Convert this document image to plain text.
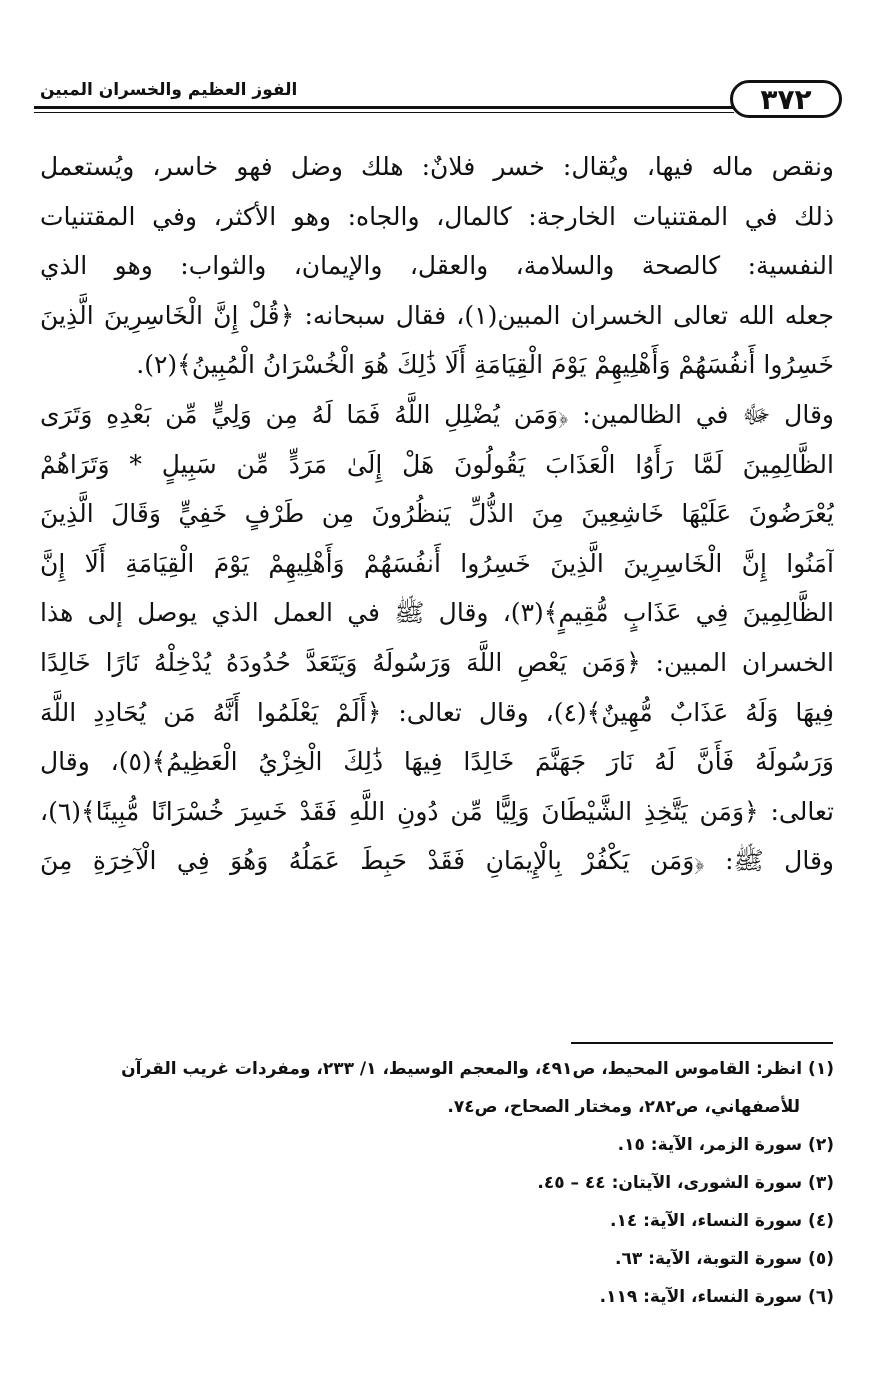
٣٧٢
الفوز العظيم والخسران المبين
ونقص ماله فيها، ويُقال: خسر فلانٌ: هلك وضل فهو خاسر، ويُستعمل
ذلك في المقتنيات الخارجة: كالمال، والجاه: وهو الأكثر، وفي المقتنيات
النفسية: كالصحة والسلامة، والعقل، والإيمان، والثواب: وهو الذي
جعله الله تعالى الخسران المبين(١)، فقال سبحانه: ﴿قُلْ إِنَّ الْخَاسِرِينَ الَّذِينَ
خَسِرُوا أَنفُسَهُمْ وَأَهْلِيهِمْ يَوْمَ الْقِيَامَةِ أَلَا ذَٰلِكَ هُوَ الْخُسْرَانُ الْمُبِينُ﴾(٢).
وقال ﷻ في الظالمين: ﴿وَمَن يُضْلِلِ اللَّهُ فَمَا لَهُ مِن وَلِيٍّ مِّن بَعْدِهِ وَتَرَى
الظَّالِمِينَ لَمَّا رَأَوُا الْعَذَابَ يَقُولُونَ هَلْ إِلَىٰ مَرَدٍّ مِّن سَبِيلٍ * وَتَرَاهُمْ
يُعْرَضُونَ عَلَيْهَا خَاشِعِينَ مِنَ الذُّلِّ يَنظُرُونَ مِن طَرْفٍ خَفِيٍّ وَقَالَ الَّذِينَ
آمَنُوا إِنَّ الْخَاسِرِينَ الَّذِينَ خَسِرُوا أَنفُسَهُمْ وَأَهْلِيهِمْ يَوْمَ الْقِيَامَةِ أَلَا إِنَّ
الظَّالِمِينَ فِي عَذَابٍ مُّقِيمٍ﴾(٣)، وقال ﷺ في العمل الذي يوصل إلى هذا
الخسران المبين: ﴿وَمَن يَعْصِ اللَّهَ وَرَسُولَهُ وَيَتَعَدَّ حُدُودَهُ يُدْخِلْهُ نَارًا خَالِدًا
فِيهَا وَلَهُ عَذَابٌ مُّهِينٌ﴾(٤)، وقال تعالى: ﴿أَلَمْ يَعْلَمُوا أَنَّهُ مَن يُحَادِدِ اللَّهَ
وَرَسُولَهُ فَأَنَّ لَهُ نَارَ جَهَنَّمَ خَالِدًا فِيهَا ذَٰلِكَ الْخِزْيُ الْعَظِيمُ﴾(٥)، وقال
تعالى: ﴿وَمَن يَتَّخِذِ الشَّيْطَانَ وَلِيًّا مِّن دُونِ اللَّهِ فَقَدْ خَسِرَ خُسْرَانًا مُّبِينًا﴾(٦)،
وقال ﷺ: ﴿وَمَن يَكْفُرْ بِالْإِيمَانِ فَقَدْ حَبِطَ عَمَلُهُ وَهُوَ فِي الْآخِرَةِ مِنَ
(١) انظر: القاموس المحيط، ص٤٩١، والمعجم الوسيط، ١/ ٢٣٣، ومفردات غريب القرآن
للأصفهاني، ص٢٨٢، ومختار الصحاح، ص٧٤.
(٢) سورة الزمر، الآية: ١٥.
(٣) سورة الشورى، الآيتان: ٤٤ – ٤٥.
(٤) سورة النساء، الآية: ١٤.
(٥) سورة التوبة، الآية: ٦٣.
(٦) سورة النساء، الآية: ١١٩.
